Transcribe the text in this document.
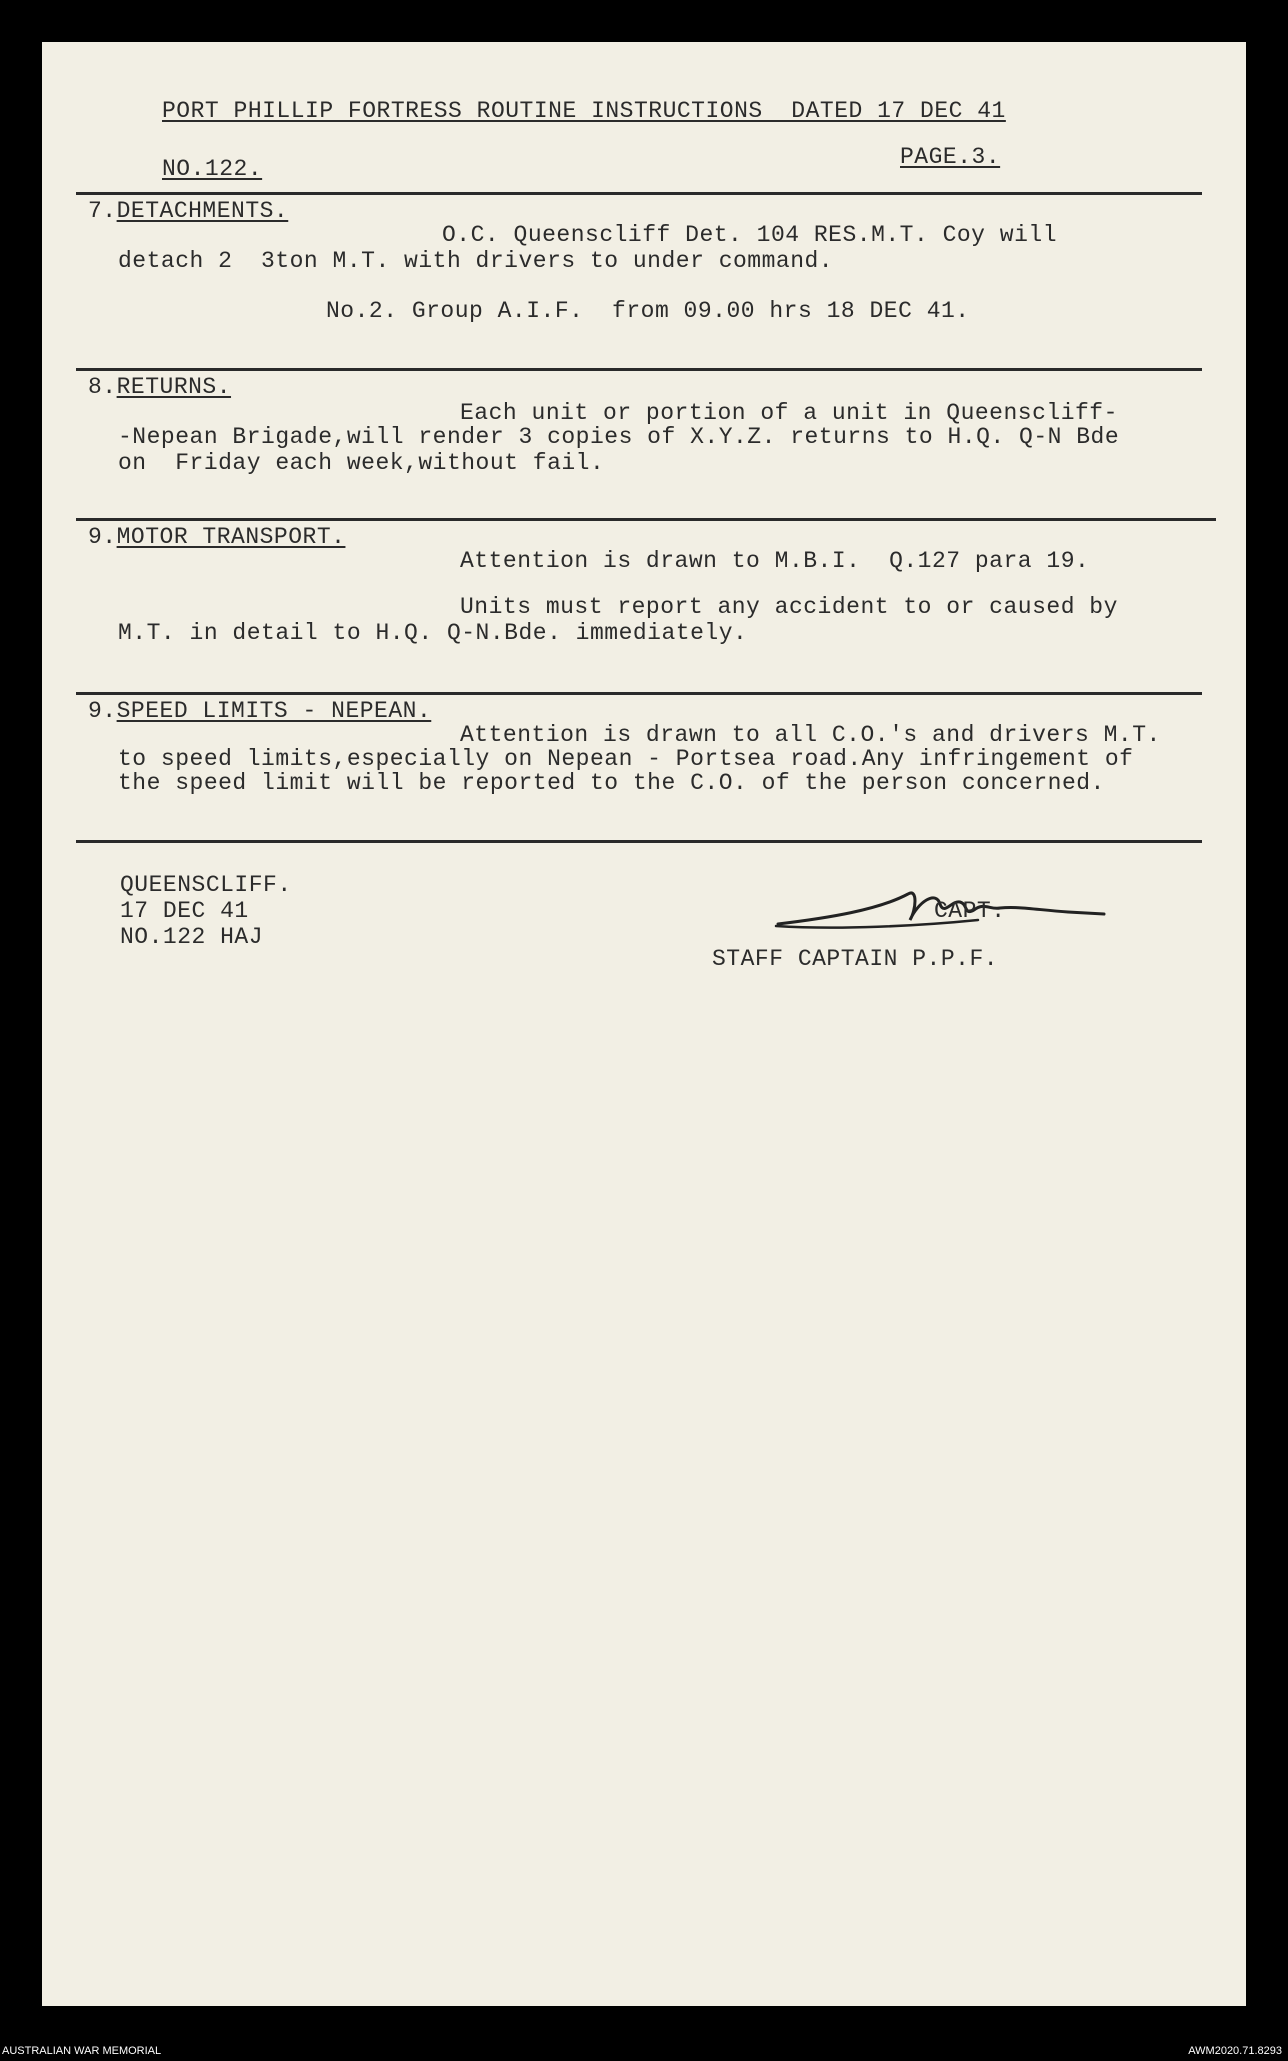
PORT PHILLIP FORTRESS ROUTINE INSTRUCTIONS  DATED 17 DEC 41
NO.122.	PAGE.3.
7.DETACHMENTS.
O.C. Queenscliff Det. 104 RES.M.T. Coy will
detach 2  3ton M.T. with drivers to under command.
No.2. Group A.I.F.  from 09.00 hrs 18 DEC 41.
8.RETURNS.
Each unit or portion of a unit in Queenscliff-
-Nepean Brigade,will render 3 copies of X.Y.Z. returns to H.Q. Q-N Bde
on  Friday each week,without fail.
9.MOTOR TRANSPORT.
Attention is drawn to M.B.I.  Q.127 para 19.
Units must report any accident to or caused by
M.T. in detail to H.Q. Q-N.Bde. immediately.
9.SPEED LIMITS - NEPEAN.
Attention is drawn to all C.O.'s and drivers M.T.
to speed limits,especially on Nepean - Portsea road.Any infringement of
the speed limit will be reported to the C.O. of the person concerned.
QUEENSCLIFF.
17 DEC 41
NO.122 HAJ
CAPT.
STAFF CAPTAIN P.P.F.
AUSTRALIAN WAR MEMORIAL	AWM2020.71.8293
